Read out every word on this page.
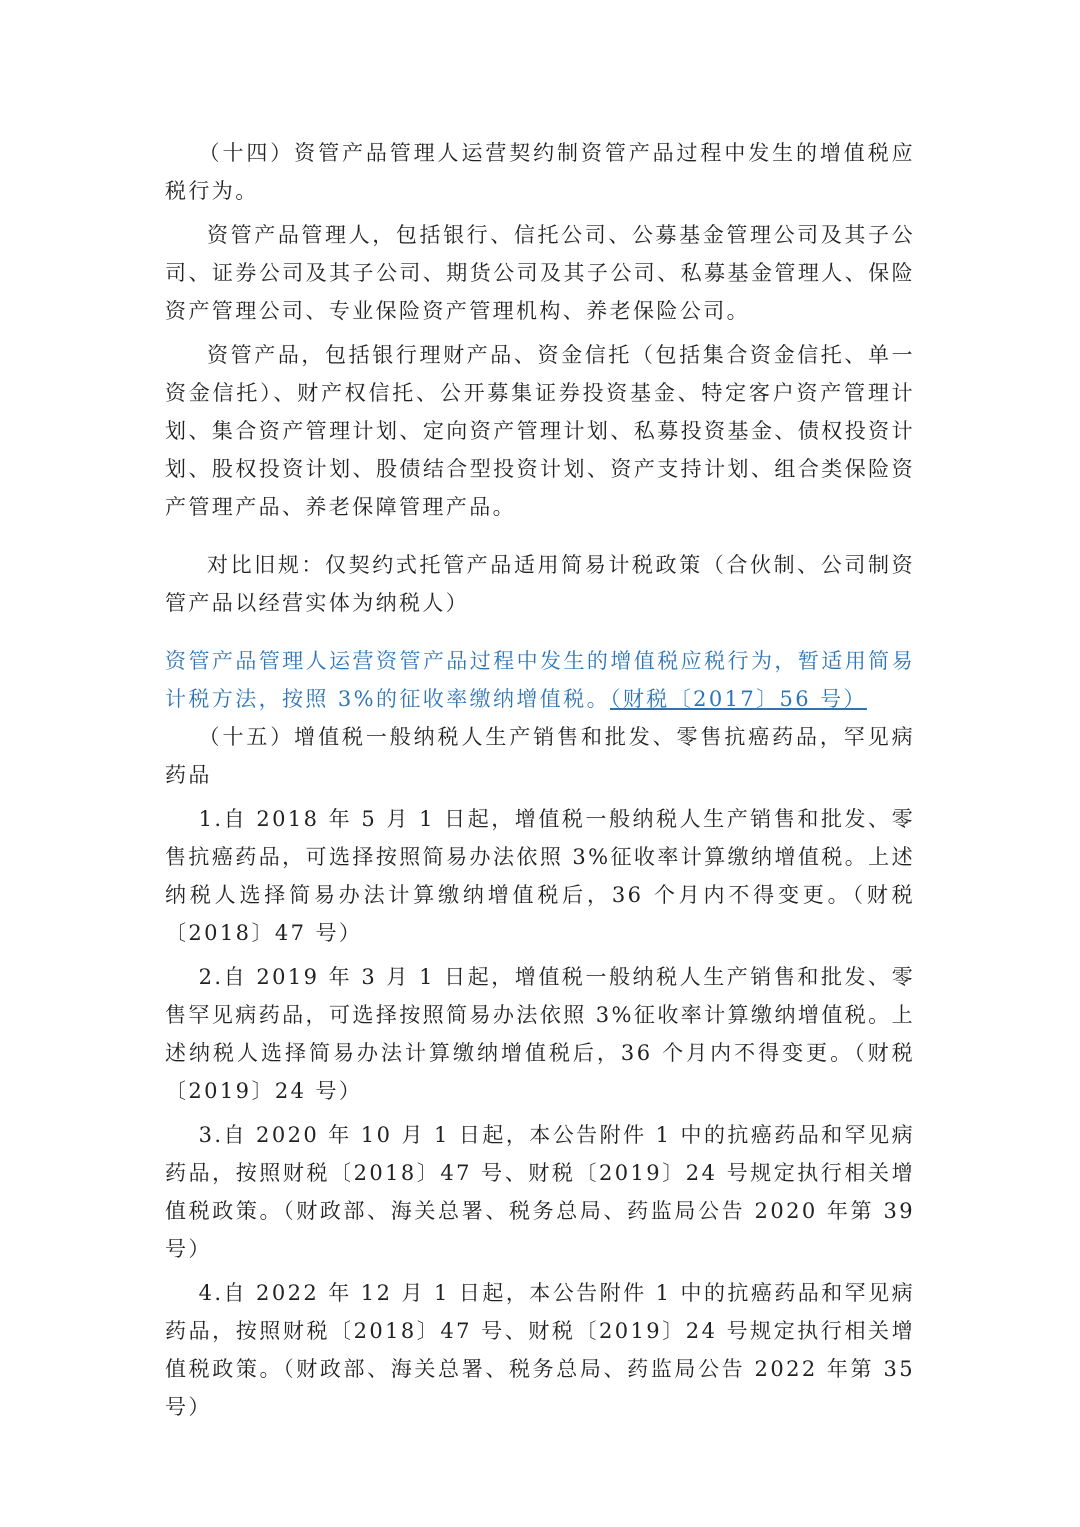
（十四）资管产品管理人运营契约制资管产品过程中发生的增值税应税行为。

资管产品管理人，包括银行、信托公司、公募基金管理公司及其子公司、证券公司及其子公司、期货公司及其子公司、私募基金管理人、保险资产管理公司、专业保险资产管理机构、养老保险公司。

资管产品，包括银行理财产品、资金信托（包括集合资金信托、单一资金信托）、财产权信托、公开募集证券投资基金、特定客户资产管理计划、集合资产管理计划、定向资产管理计划、私募投资基金、债权投资计划、股权投资计划、股债结合型投资计划、资产支持计划、组合类保险资产管理产品、养老保障管理产品。

对比旧规：仅契约式托管产品适用简易计税政策（合伙制、公司制资管产品以经营实体为纳税人）

资管产品管理人运营资管产品过程中发生的增值税应税行为，暂适用简易计税方法，按照 3%的征收率缴纳增值税。（财税〔2017〕56 号）

（十五）增值税一般纳税人生产销售和批发、零售抗癌药品，罕见病药品

1.自 2018 年 5 月 1 日起，增值税一般纳税人生产销售和批发、零售抗癌药品，可选择按照简易办法依照 3%征收率计算缴纳增值税。上述纳税人选择简易办法计算缴纳增值税后，36 个月内不得变更。（财税〔2018〕47 号）

2.自 2019 年 3 月 1 日起，增值税一般纳税人生产销售和批发、零售罕见病药品，可选择按照简易办法依照 3%征收率计算缴纳增值税。上述纳税人选择简易办法计算缴纳增值税后，36 个月内不得变更。（财税〔2019〕24 号）

3.自 2020 年 10 月 1 日起，本公告附件 1 中的抗癌药品和罕见病药品，按照财税〔2018〕47 号、财税〔2019〕24 号规定执行相关增值税政策。（财政部、海关总署、税务总局、药监局公告 2020 年第 39 号）

4.自 2022 年 12 月 1 日起，本公告附件 1 中的抗癌药品和罕见病药品，按照财税〔2018〕47 号、财税〔2019〕24 号规定执行相关增值税政策。（财政部、海关总署、税务总局、药监局公告 2022 年第 35 号）
